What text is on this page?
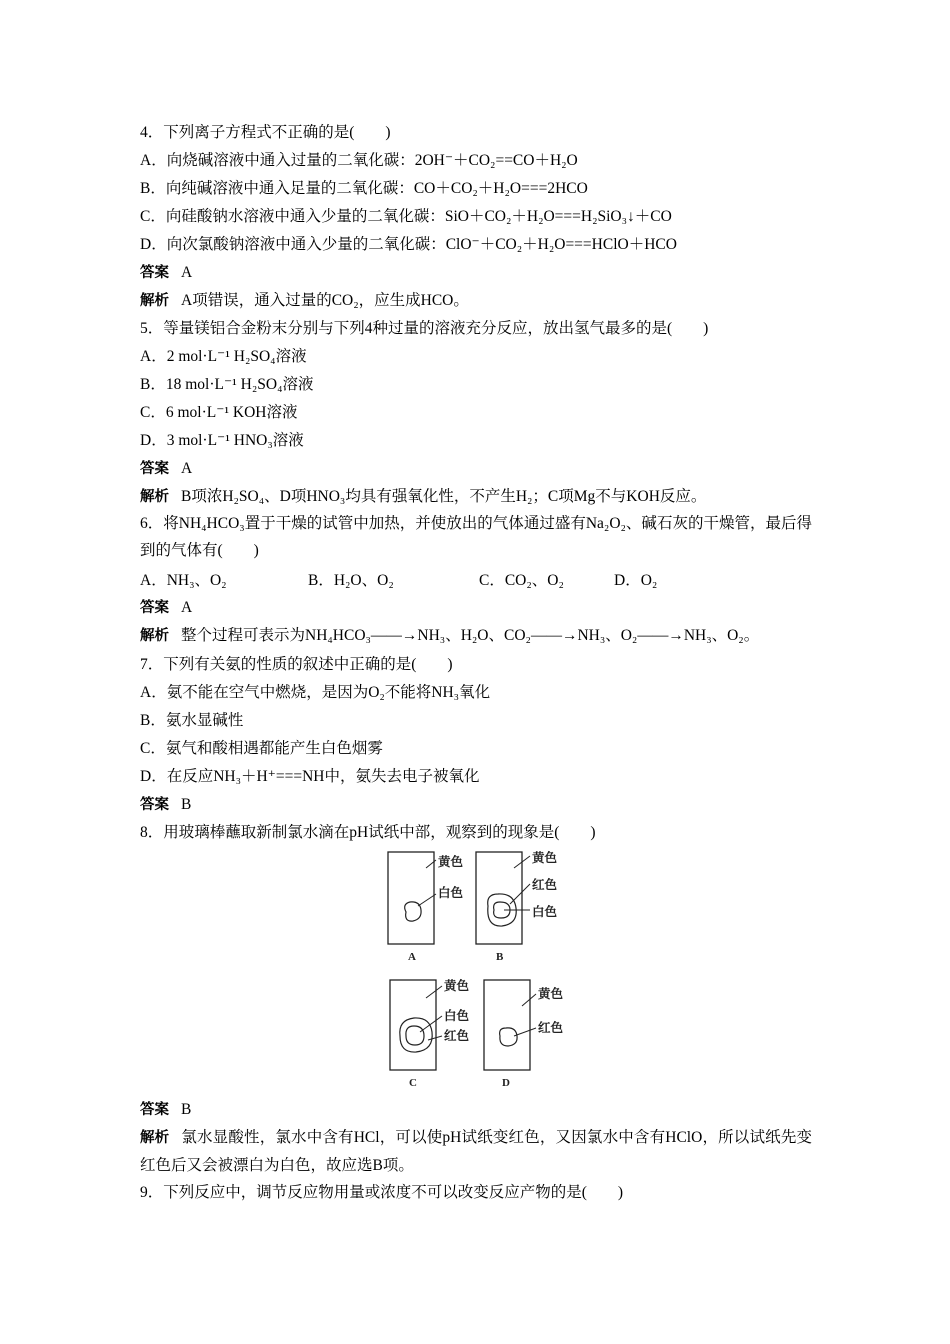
4．下列离子方程式不正确的是(　　)
A．向烧碱溶液中通入过量的二氧化碳：2OH⁻＋CO₂==CO＋H₂O
B．向纯碱溶液中通入足量的二氧化碳：CO＋CO₂＋H₂O===2HCO
C．向硅酸钠水溶液中通入少量的二氧化碳：SiO＋CO₂＋H₂O===H₂SiO₃↓＋CO
D．向次氯酸钠溶液中通入少量的二氧化碳：ClO⁻＋CO₂＋H₂O===HClO＋HCO
答案 A
解析 A项错误，通入过量的CO₂，应生成HCO。
5．等量镁铝合金粉末分别与下列4种过量的溶液充分反应，放出氢气最多的是(　　)
A．2 mol·L⁻¹ H₂SO₄溶液
B．18 mol·L⁻¹ H₂SO₄溶液
C．6 mol·L⁻¹ KOH溶液
D．3 mol·L⁻¹ HNO₃溶液
答案 A
解析 B项浓H₂SO₄、D项HNO₃均具有强氧化性，不产生H₂；C项Mg不与KOH反应。
6．将NH₄HCO₃置于干燥的试管中加热，并使放出的气体通过盛有Na₂O₂、碱石灰的干燥管，最后得到的气体有(　　)
A．NH₃、O₂	B．H₂O、O₂	C．CO₂、O₂	D．O₂
答案 A
解析 整个过程可表示为NH₄HCO₃——→NH₃、H₂O、CO₂——→NH₃、O₂——→NH₃、O₂。
7．下列有关氨的性质的叙述中正确的是(　　)
A．氨不能在空气中燃烧，是因为O₂不能将NH₃氧化
B．氨水显碱性
C．氨气和酸相遇都能产生白色烟雾
D．在反应NH₃＋H⁺===NH中，氨失去电子被氧化
答案 B
8．用玻璃棒蘸取新制氯水滴在pH试纸中部，观察到的现象是(　　)
黄色
白色
A
黄色
红色
白色
B
黄色
白色
红色
C
黄色
红色
D
答案 B
解析 氯水显酸性，氯水中含有HCl，可以使pH试纸变红色，又因氯水中含有HClO，所以试纸先变红色后又会被漂白为白色，故应选B项。
9．下列反应中，调节反应物用量或浓度不可以改变反应产物的是(　　)
